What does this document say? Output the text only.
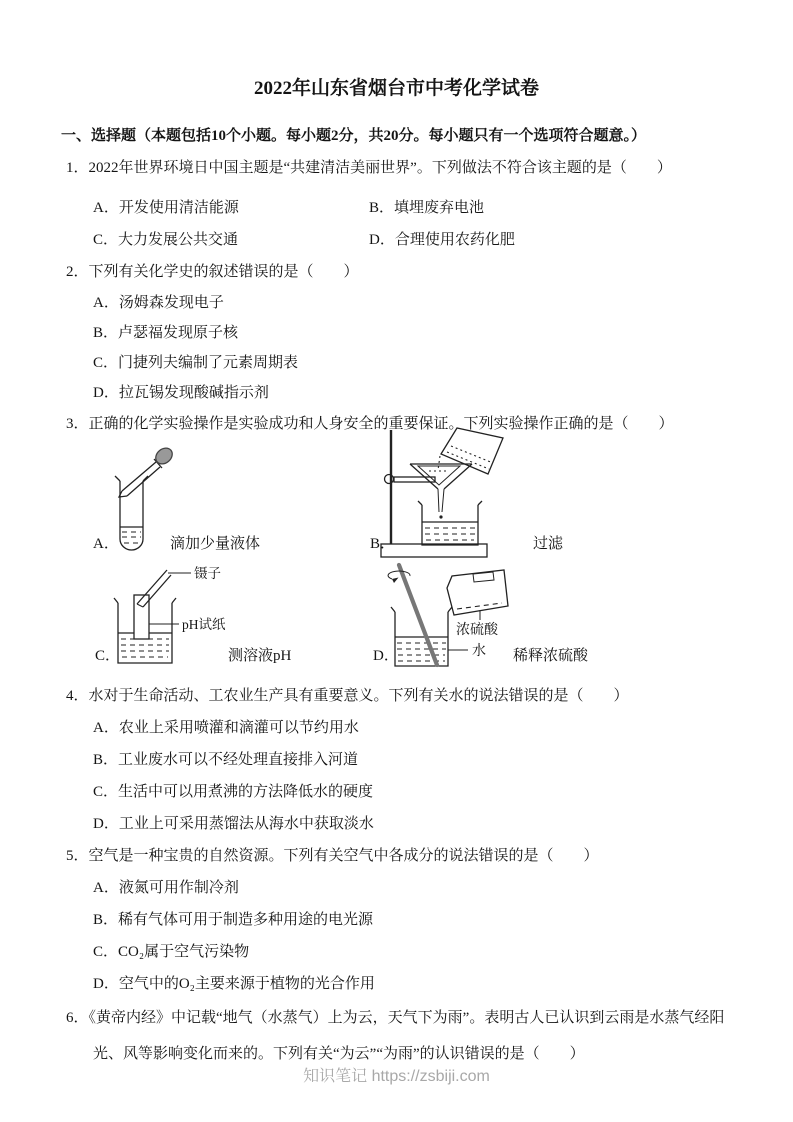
2022年山东省烟台市中考化学试卷
一、选择题（本题包括10个小题。每小题2分，共20分。每小题只有一个选项符合题意。）
1．2022年世界环境日中国主题是“共建清洁美丽世界”。下列做法不符合该主题的是（　　）
A．开发使用清洁能源	B．填埋废弃电池
C．大力发展公共交通	D．合理使用农药化肥
2．下列有关化学史的叙述错误的是（　　）
A．汤姆森发现电子
B．卢瑟福发现原子核
C．门捷列夫编制了元素周期表
D．拉瓦锡发现酸碱指示剂
3．正确的化学实验操作是实验成功和人身安全的重要保证。下列实验操作正确的是（　　）
A．	滴加少量液体	B．	过滤
镊子
pH试纸
C．	测溶液pH
浓硫酸
水
D．	稀释浓硫酸
4．水对于生命活动、工农业生产具有重要意义。下列有关水的说法错误的是（　　）
A．农业上采用喷灌和滴灌可以节约用水
B．工业废水可以不经处理直接排入河道
C．生活中可以用煮沸的方法降低水的硬度
D．工业上可采用蒸馏法从海水中获取淡水
5．空气是一种宝贵的自然资源。下列有关空气中各成分的说法错误的是（　　）
A．液氮可用作制冷剂
B．稀有气体可用于制造多种用途的电光源
C．CO₂属于空气污染物
D．空气中的O₂主要来源于植物的光合作用
6．《黄帝内经》中记载“地气（水蒸气）上为云，天气下为雨”。表明古人已认识到云雨是水蒸气经阳光、风等影响变化而来的。下列有关“为云”“为雨”的认识错误的是（　　）
知识笔记 https://zsbiji.com
